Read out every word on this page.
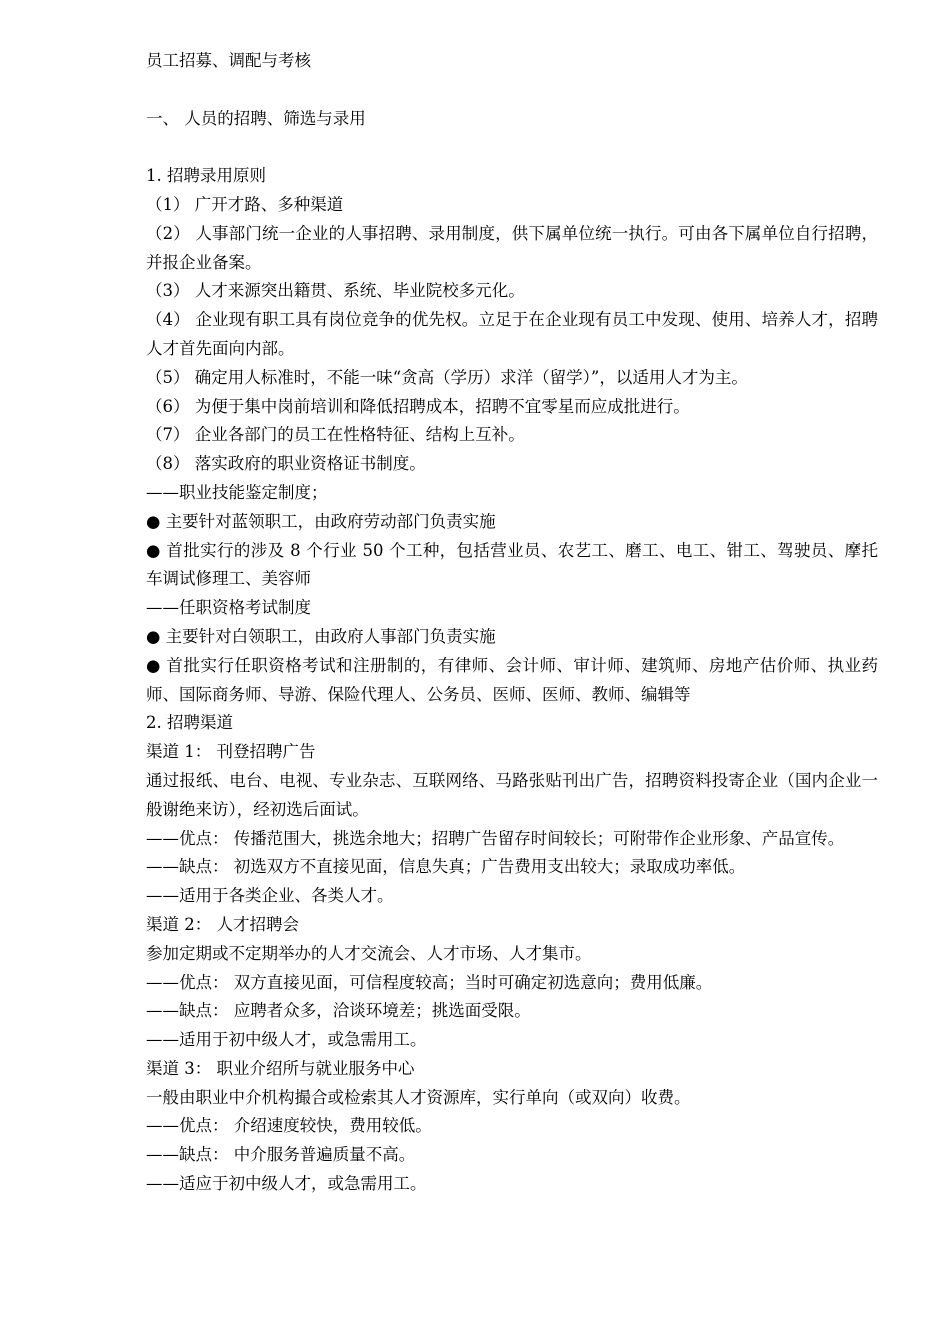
员工招募、调配与考核

一、 人员的招聘、筛选与录用

1. 招聘录用原则

（1） 广开才路、多种渠道

（2） 人事部门统一企业的人事招聘、录用制度，供下属单位统一执行。可由各下属单位自行招聘，并报企业备案。

（3） 人才来源突出籍贯、系统、毕业院校多元化。

（4） 企业现有职工具有岗位竞争的优先权。立足于在企业现有员工中发现、使用、培养人才，招聘人才首先面向内部。

（5） 确定用人标准时，不能一味“贪高（学历）求洋（留学）”，以适用人才为主。

（6） 为便于集中岗前培训和降低招聘成本，招聘不宜零星而应成批进行。

（7） 企业各部门的员工在性格特征、结构上互补。

（8） 落实政府的职业资格证书制度。

——职业技能鉴定制度；

● 主要针对蓝领职工，由政府劳动部门负责实施

● 首批实行的涉及 8 个行业 50 个工种，包括营业员、农艺工、磨工、电工、钳工、驾驶员、摩托车调试修理工、美容师

——任职资格考试制度

● 主要针对白领职工，由政府人事部门负责实施

● 首批实行任职资格考试和注册制的，有律师、会计师、审计师、建筑师、房地产估价师、执业药师、国际商务师、导游、保险代理人、公务员、医师、医师、教师、编辑等

2. 招聘渠道

渠道 1： 刊登招聘广告

通过报纸、电台、电视、专业杂志、互联网络、马路张贴刊出广告，招聘资料投寄企业（国内企业一般谢绝来访），经初选后面试。

——优点： 传播范围大，挑选余地大；招聘广告留存时间较长；可附带作企业形象、产品宣传。

——缺点： 初选双方不直接见面，信息失真；广告费用支出较大；录取成功率低。

——适用于各类企业、各类人才。

渠道 2： 人才招聘会

参加定期或不定期举办的人才交流会、人才市场、人才集市。

——优点： 双方直接见面，可信程度较高；当时可确定初选意向；费用低廉。

——缺点： 应聘者众多，洽谈环境差；挑选面受限。

——适用于初中级人才，或急需用工。

渠道 3： 职业介绍所与就业服务中心

一般由职业中介机构撮合或检索其人才资源库，实行单向（或双向）收费。

——优点： 介绍速度较快，费用较低。

——缺点： 中介服务普遍质量不高。

——适应于初中级人才，或急需用工。
